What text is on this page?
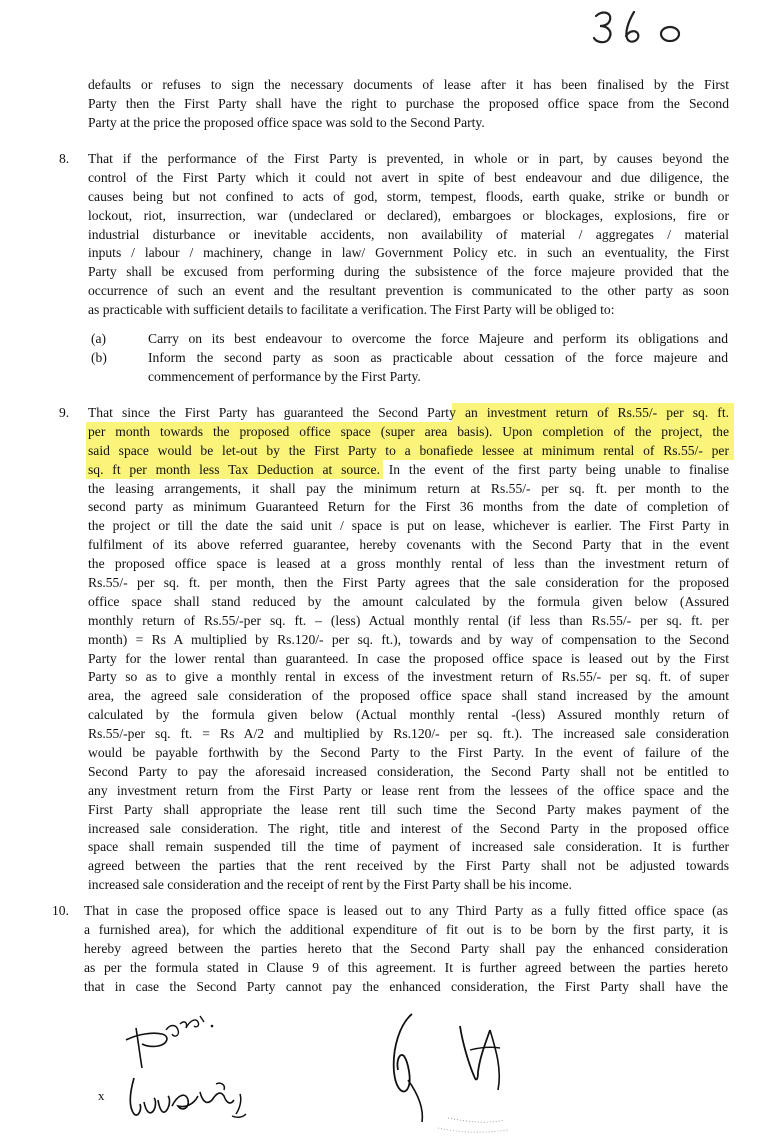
defaults or refuses to sign the necessary documents of lease after it has been finalised by the First
Party then the First Party shall have the right to purchase the proposed office space from the Second
Party at the price the proposed office space was sold to the Second Party.
8. That if the performance of the First Party is prevented, in whole or in part, by causes beyond the
control of the First Party which it could not avert in spite of best endeavour and due diligence, the
causes being but not confined to acts of god, storm, tempest, floods, earth quake, strike or bundh or
lockout, riot, insurrection, war (undeclared or declared), embargoes or blockages, explosions, fire or
industrial disturbance or inevitable accidents, non availability of material / aggregates / material
inputs / labour / machinery, change in law/ Government Policy etc. in such an eventuality, the First
Party shall be excused from performing during the subsistence of the force majeure provided that the
occurrence of such an event and the resultant prevention is communicated to the other party as soon
as practicable with sufficient details to facilitate a verification. The First Party will be obliged to:
(a)	Carry on its best endeavour to overcome the force Majeure and perform its obligations and
(b)	Inform the second party as soon as practicable about cessation of the force majeure and
commencement of performance by the First Party.
9. That since the First Party has guaranteed the Second Party an investment return of Rs.55/- per sq. ft.
per month towards the proposed office space (super area basis). Upon completion of the project, the
said space would be let-out by the First Party to a bonafiede lessee at minimum rental of Rs.55/- per
sq. ft per month less Tax Deduction at source. In the event of the first party being unable to finalise
the leasing arrangements, it shall pay the minimum return at Rs.55/- per sq. ft. per month to the
second party as minimum Guaranteed Return for the First 36 months from the date of completion of
the project or till the date the said unit / space is put on lease, whichever is earlier. The First Party in
fulfilment of its above referred guarantee, hereby covenants with the Second Party that in the event
the proposed office space is leased at a gross monthly rental of less than the investment return of
Rs.55/- per sq. ft. per month, then the First Party agrees that the sale consideration for the proposed
office space shall stand reduced by the amount calculated by the formula given below (Assured
monthly return of Rs.55/-per sq. ft. – (less) Actual monthly rental (if less than Rs.55/- per sq. ft. per
month) = Rs A multiplied by Rs.120/- per sq. ft.), towards and by way of compensation to the Second
Party for the lower rental than guaranteed. In case the proposed office space is leased out by the First
Party so as to give a monthly rental in excess of the investment return of Rs.55/- per sq. ft. of super
area, the agreed sale consideration of the proposed office space shall stand increased by the amount
calculated by the formula given below (Actual monthly rental -(less) Assured monthly return of
Rs.55/-per sq. ft. = Rs A/2 and multiplied by Rs.120/- per sq. ft.). The increased sale consideration
would be payable forthwith by the Second Party to the First Party. In the event of failure of the
Second Party to pay the aforesaid increased consideration, the Second Party shall not be entitled to
any investment return from the First Party or lease rent from the lessees of the office space and the
First Party shall appropriate the lease rent till such time the Second Party makes payment of the
increased sale consideration. The right, title and interest of the Second Party in the proposed office
space shall remain suspended till the time of payment of increased sale consideration. It is further
agreed between the parties that the rent received by the First Party shall not be adjusted towards
increased sale consideration and the receipt of rent by the First Party shall be his income.
10. That in case the proposed office space is leased out to any Third Party as a fully fitted office space (as
a furnished area), for which the additional expenditure of fit out is to be born by the first party, it is
hereby agreed between the parties hereto that the Second Party shall pay the enhanced consideration
as per the formula stated in Clause 9 of this agreement. It is further agreed between the parties hereto
that in case the Second Party cannot pay the enhanced consideration, the First Party shall have the
x
